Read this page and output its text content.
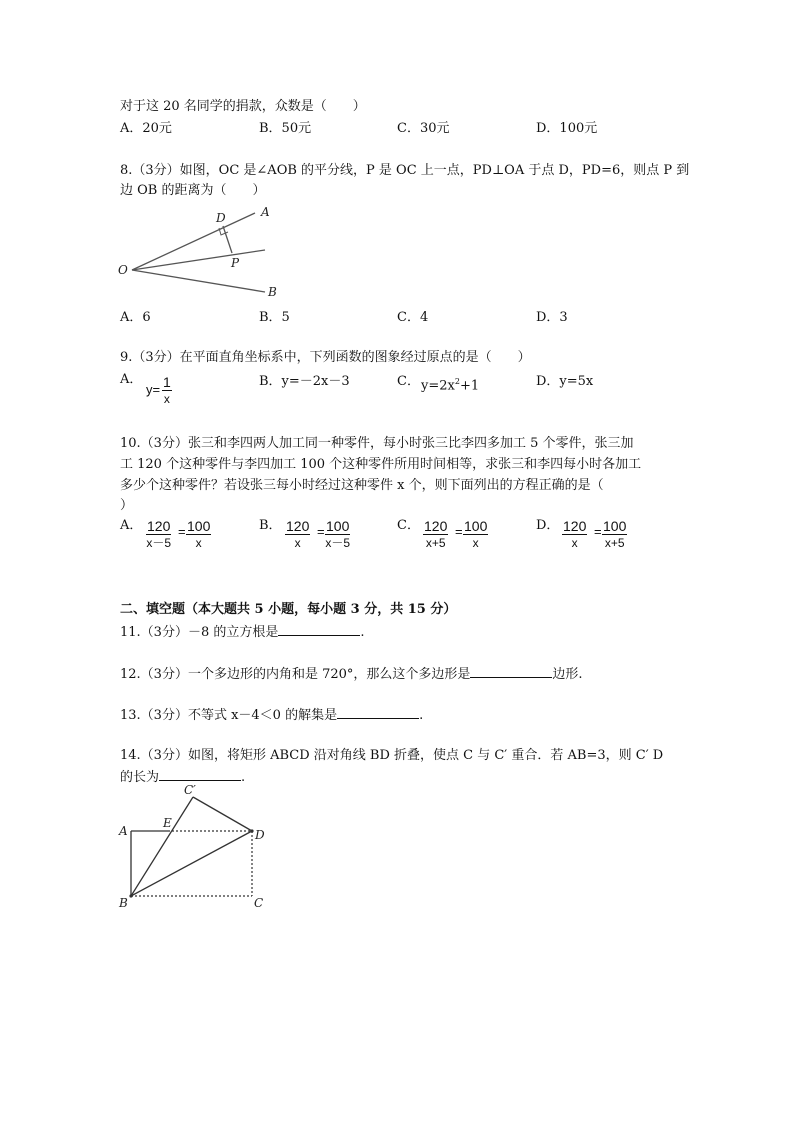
对于这 20 名同学的捐款，众数是（　　）
A．20元	B．50元	C．30元	D．100元
8.（3分）如图，OC 是∠AOB 的平分线，P 是 OC 上一点，PD⊥OA 于点 D，PD=6，则点 P 到
边 OB 的距离为（　　）
O
A
B
D
P
A．6	B．5	C．4	D．3
9.（3分）在平面直角坐标系中，下列函数的图象经过原点的是（　　）
A．
$y= \frac{1}{x}$	B．y=－2x－3	C． $y=2x^2+1$	D．y=5x
10.（3分）张三和李四两人加工同一种零件，每小时张三比李四多加工 5 个零件，张三加
工 120 个这种零件与李四加工 100 个这种零件所用时间相等，求张三和李四每小时各加工
多少个这种零件？若设张三每小时经过这种零件 x 个，则下面列出的方程正确的是（
）
A． $\frac{120}{x-5} = \frac{100}{x}$	B． $\frac{120}{x} = \frac{100}{x-5}$	C． $\frac{120}{x+5} = \frac{100}{x}$	D． $\frac{120}{x} = \frac{100}{x+5}$
二、填空题（本大题共 5 小题，每小题 3 分，共 15 分）
11.（3分）－8 的立方根是	.
12.（3分）一个多边形的内角和是 720°，那么这个多边形是	边形.
13.（3分）不等式 x－4＜0 的解集是	.
14.（3分）如图，将矩形 ABCD 沿对角线 BD 折叠，使点 C 与 C′ 重合．若 AB=3，则 C′ D
的长为	.
C′
A
E
D
B	C
